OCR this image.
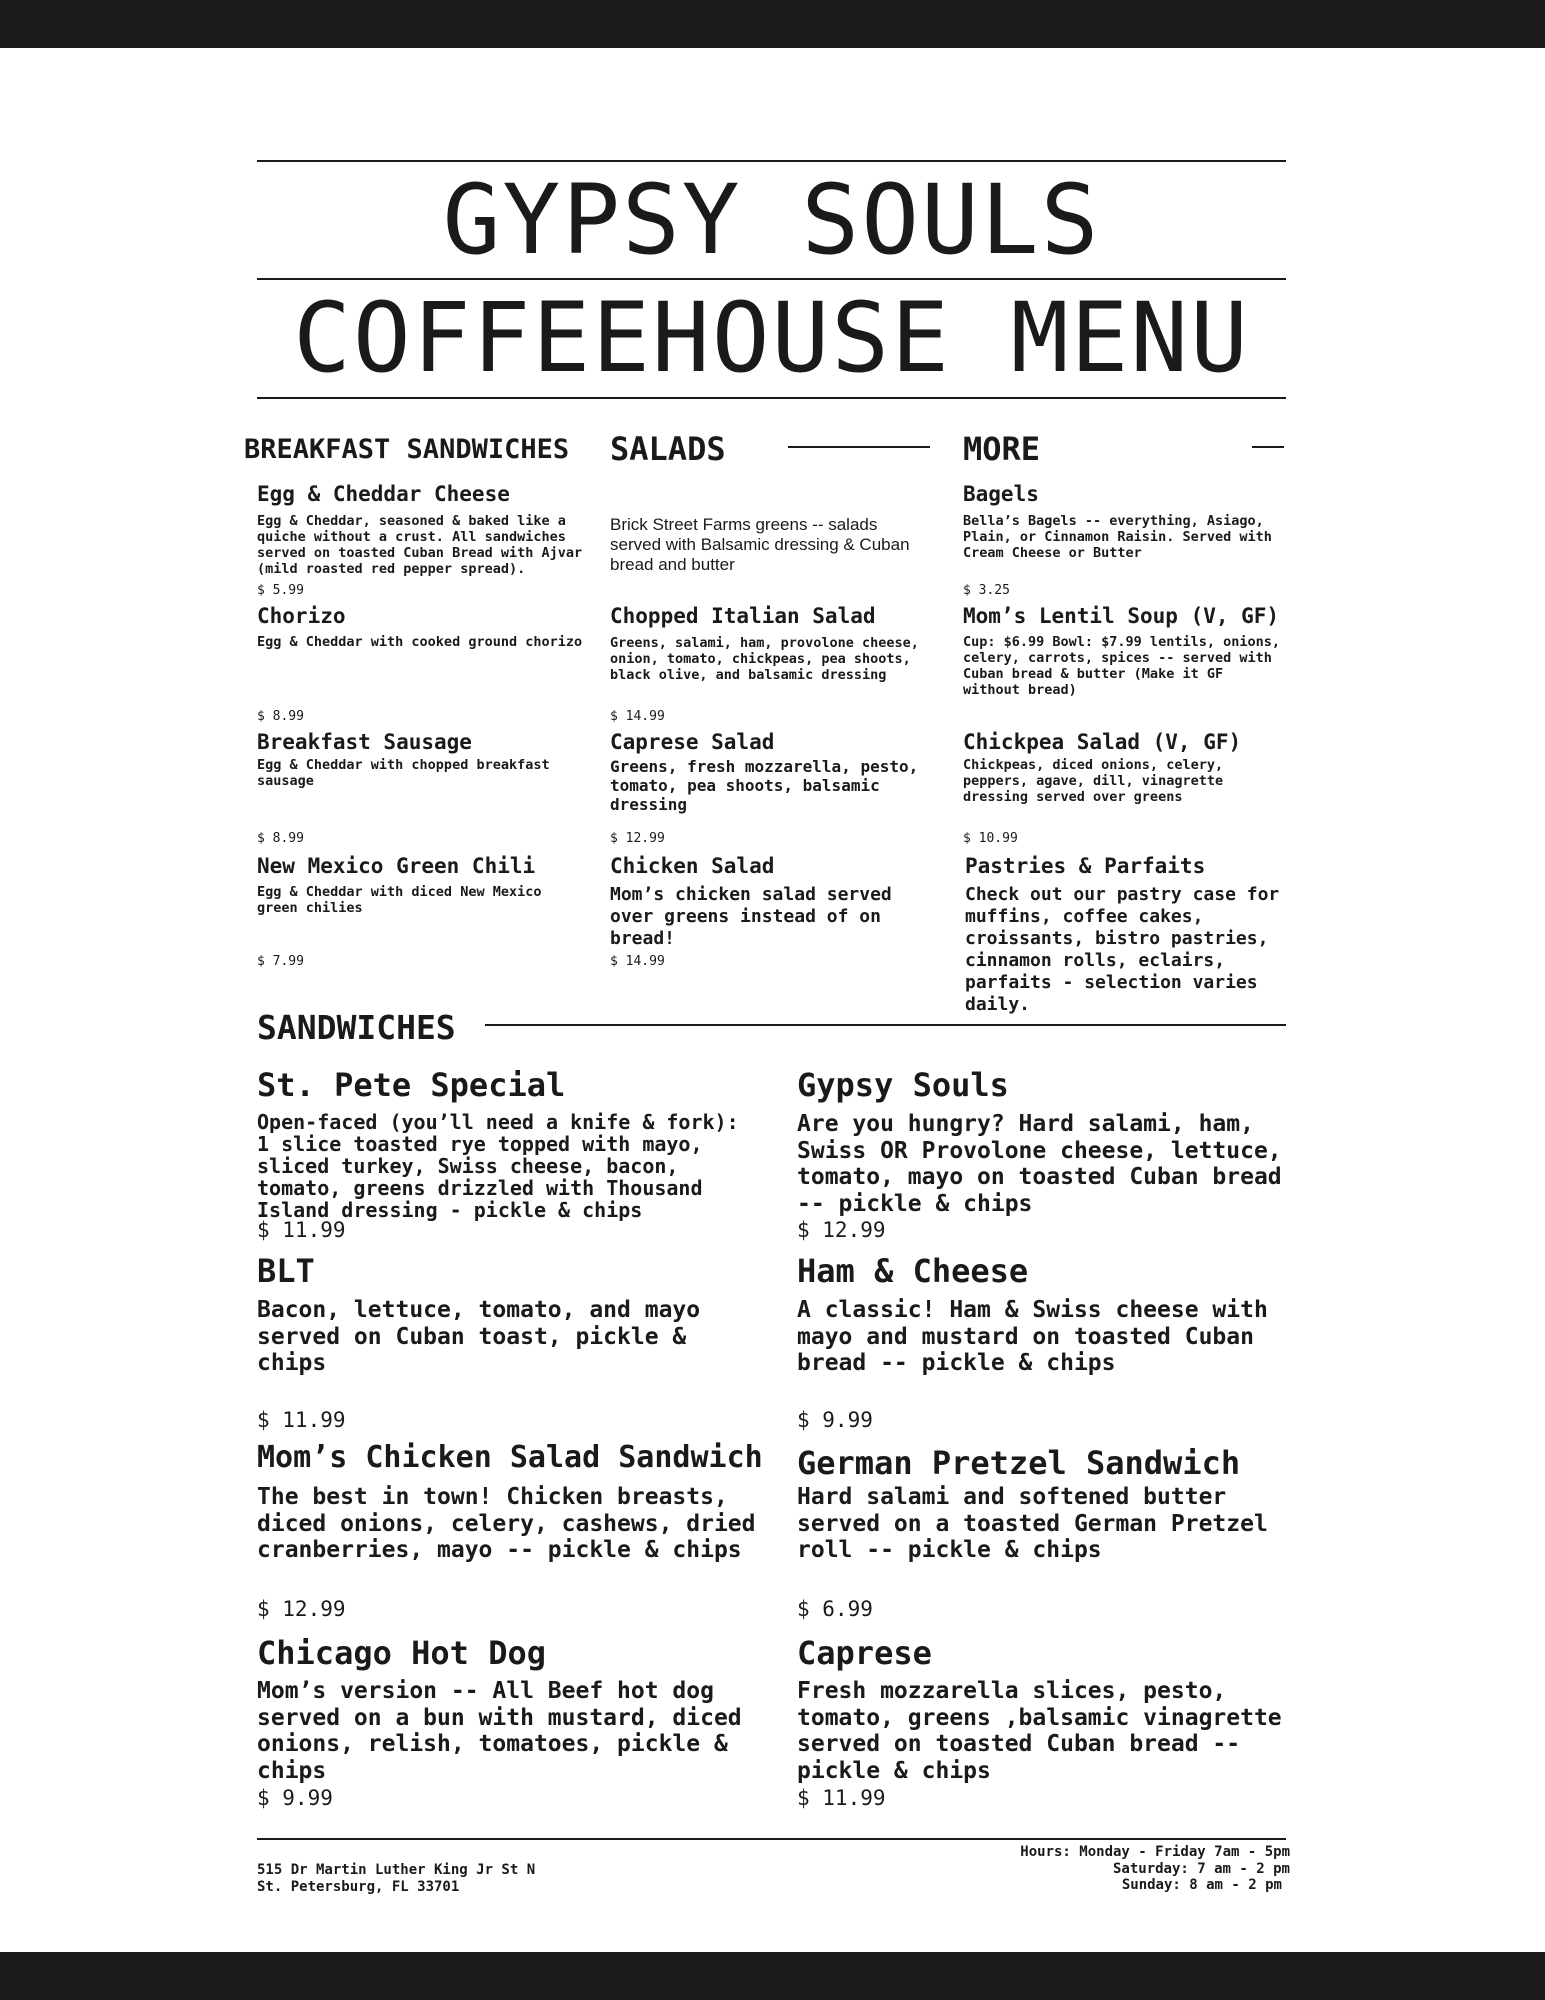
GYPSY SOULS
COFFEEHOUSE MENU
BREAKFAST SANDWICHES
Egg & Cheddar Cheese
Egg & Cheddar, seasoned & baked like a quiche without a crust. All sandwiches served on toasted Cuban Bread with Ajvar (mild roasted red pepper spread).
$ 5.99
Chorizo
Egg & Cheddar with cooked ground chorizo
$ 8.99
Breakfast Sausage
Egg & Cheddar with chopped breakfast sausage
$ 8.99
New Mexico Green Chili
Egg & Cheddar with diced New Mexico green chilies
$ 7.99
SALADS
Brick Street Farms greens -- salads served with Balsamic dressing & Cuban bread and butter
Chopped Italian Salad
Greens, salami, ham, provolone cheese, onion, tomato, chickpeas, pea shoots, black olive, and balsamic dressing
$ 14.99
Caprese Salad
Greens, fresh mozzarella, pesto, tomato, pea shoots, balsamic dressing
$ 12.99
Chicken Salad
Mom’s chicken salad served over greens instead of on bread!
$ 14.99
MORE
Bagels
Bella’s Bagels -- everything, Asiago, Plain, or Cinnamon Raisin. Served with Cream Cheese or Butter
$ 3.25
Mom’s Lentil Soup (V, GF)
Cup: $6.99 Bowl: $7.99 lentils, onions, celery, carrots, spices -- served with Cuban bread & butter (Make it GF without bread)
Chickpea Salad (V, GF)
Chickpeas, diced onions, celery, peppers, agave, dill, vinagrette dressing served over greens
$ 10.99
Pastries & Parfaits
Check out our pastry case for muffins, coffee cakes, croissants, bistro pastries, cinnamon rolls, eclairs, parfaits - selection varies daily.
SANDWICHES
St. Pete Special
Open-faced (you’ll need a knife & fork): 1 slice toasted rye topped with mayo, sliced turkey, Swiss cheese, bacon, tomato, greens drizzled with Thousand Island dressing - pickle & chips
$ 11.99
Gypsy Souls
Are you hungry? Hard salami, ham, Swiss OR Provolone cheese, lettuce, tomato, mayo on toasted Cuban bread -- pickle & chips
$ 12.99
BLT
Bacon, lettuce, tomato, and mayo served on Cuban toast, pickle & chips
$ 11.99
Ham & Cheese
A classic! Ham & Swiss cheese with mayo and mustard on toasted Cuban bread -- pickle & chips
$ 9.99
Mom’s Chicken Salad Sandwich
The best in town! Chicken breasts, diced onions, celery, cashews, dried cranberries, mayo -- pickle & chips
$ 12.99
German Pretzel Sandwich
Hard salami and softened butter served on a toasted German Pretzel roll -- pickle & chips
$ 6.99
Chicago Hot Dog
Mom’s version -- All Beef hot dog served on a bun with mustard, diced onions, relish, tomatoes, pickle & chips
$ 9.99
Caprese
Fresh mozzarella slices, pesto, tomato, greens ,balsamic vinagrette served on toasted Cuban bread -- pickle & chips
$ 11.99
515 Dr Martin Luther King Jr St N
St. Petersburg, FL 33701
Hours: Monday - Friday 7am - 5pm
Saturday: 7 am - 2 pm
Sunday: 8 am - 2 pm
